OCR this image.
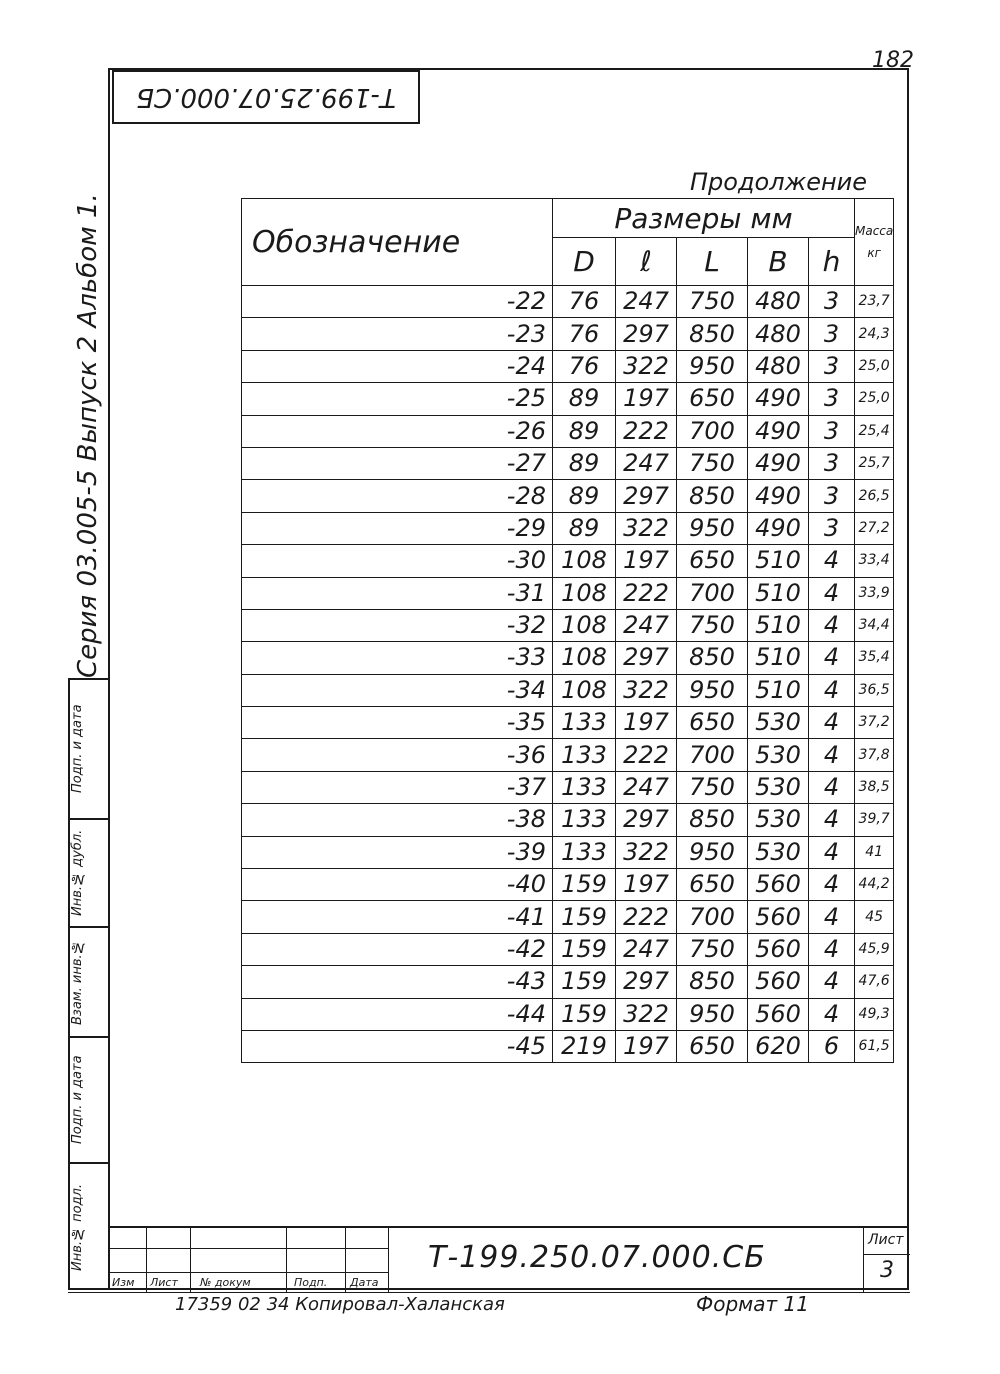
182
Т-199.25.07.000.СБ
Серия 03.005-5 Выпуск 2 Альбом 1.
Подп. и дата
Инв.№ дубл.
Взам. инв.№
Подп. и дата
Инв.№ подл.
Продолжение
Обозначение	Размеры мм					Масса кг
	D	ℓ	L	B	h	
-22	76	247	750	480	3	23,7
-23	76	297	850	480	3	24,3
-24	76	322	950	480	3	25,0
-25	89	197	650	490	3	25,0
-26	89	222	700	490	3	25,4
-27	89	247	750	490	3	25,7
-28	89	297	850	490	3	26,5
-29	89	322	950	490	3	27,2
-30	108	197	650	510	4	33,4
-31	108	222	700	510	4	33,9
-32	108	247	750	510	4	34,4
-33	108	297	850	510	4	35,4
-34	108	322	950	510	4	36,5
-35	133	197	650	530	4	37,2
-36	133	222	700	530	4	37,8
-37	133	247	750	530	4	38,5
-38	133	297	850	530	4	39,7
-39	133	322	950	530	4	41
-40	159	197	650	560	4	44,2
-41	159	222	700	560	4	45
-42	159	247	750	560	4	45,9
-43	159	297	850	560	4	47,6
-44	159	322	950	560	4	49,3
-45	219	197	650	620	6	61,5
Изм Лист № докум	Подп. Дата
Т-199.250.07.000.СБ	Лист
3
17359 02 34 Копировал-Халанская	Формат 11
